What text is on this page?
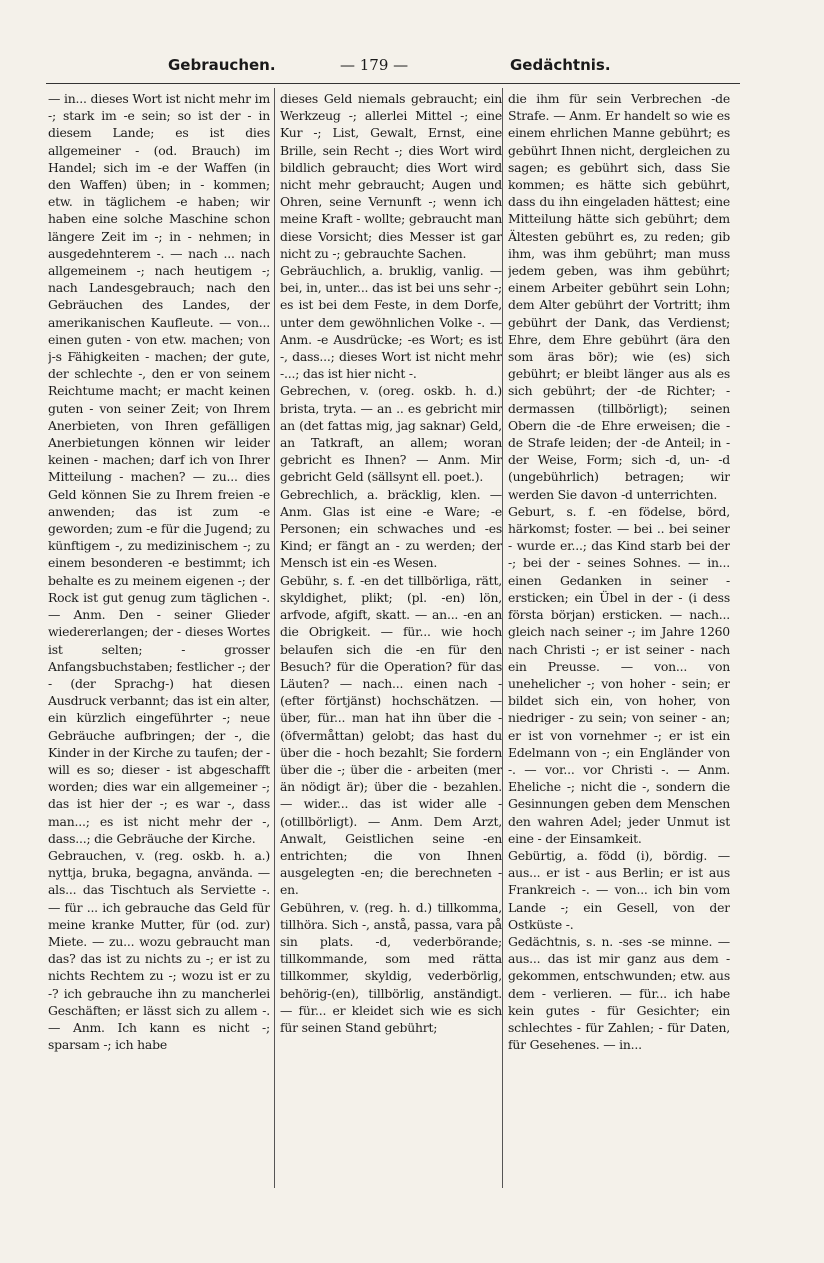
Gebrauchen.	— 179 —	Gedächtnis.

— in... dieses Wort ist nicht mehr im -; stark im -e sein; so ist der - in diesem Lande; es ist dies allgemeiner - (od. Brauch) im Handel; sich im -e der Waffen (in den Waffen) üben; in - kommen; etw. in täglichem -e haben; wir haben eine solche Maschine schon längere Zeit im -; in - nehmen; in ausgedehnterem -. — nach ... nach allgemeinem -; nach heutigem -; nach Landesgebrauch; nach den Gebräuchen des Landes, der amerikanischen Kaufleute. — von... einen guten - von etw. machen; von j-s Fähigkeiten - machen; der gute, der schlechte -, den er von seinem Reichtume macht; er macht keinen guten - von seiner Zeit; von Ihrem Anerbieten, von Ihren gefälligen Anerbietungen können wir leider keinen - machen; darf ich von Ihrer Mitteilung - machen? — zu... dies Geld können Sie zu Ihrem freien -e anwenden; das ist zum -e geworden; zum -e für die Jugend; zu künftigem -, zu medizinischem -; zu einem besonderen -e bestimmt; ich behalte es zu meinem eigenen -; der Rock ist gut genug zum täglichen -. — Anm. Den - seiner Glieder wiedererlangen; der - dieses Wortes ist selten; - grosser Anfangsbuchstaben; festlicher -; der - (der Sprachg-) hat diesen Ausdruck verbannt; das ist ein alter, ein kürzlich eingeführter -; neue Gebräuche aufbringen; der -, die Kinder in der Kirche zu taufen; der - will es so; dieser - ist abgeschafft worden; dies war ein allgemeiner -; das ist hier der -; es war -, dass man...; es ist nicht mehr der -, dass...; die Gebräuche der Kirche.

Gebrauchen, v. (reg. oskb. h. a.) nyttja, bruka, begagna, använda. — als... das Tischtuch als Serviette -. — für ... ich gebrauche das Geld für meine kranke Mutter, für (od. zur) Miete. — zu... wozu gebraucht man das? das ist zu nichts zu -; er ist zu nichts Rechtem zu -; wozu ist er zu -? ich gebrauche ihn zu mancherlei Geschäften; er lässt sich zu allem -. — Anm. Ich kann es nicht -; sparsam -; ich habe

dieses Geld niemals gebraucht; ein Werkzeug -; allerlei Mittel -; eine Kur -; List, Gewalt, Ernst, eine Brille, sein Recht -; dies Wort wird bildlich gebraucht; dies Wort wird nicht mehr gebraucht; Augen und Ohren, seine Vernunft -; wenn ich meine Kraft - wollte; gebraucht man diese Vorsicht; dies Messer ist gar nicht zu -; gebrauchte Sachen.

Gebräuchlich, a. bruklig, vanlig. — bei, in, unter... das ist bei uns sehr -; es ist bei dem Feste, in dem Dorfe, unter dem gewöhnlichen Volke -. — Anm. -e Ausdrücke; -es Wort; es ist -, dass...; dieses Wort ist nicht mehr -...; das ist hier nicht -.

Gebrechen, v. (oreg. oskb. h. d.) brista, tryta. — an .. es gebricht mir an (det fattas mig, jag saknar) Geld, an Tatkraft, an allem; woran gebricht es Ihnen? — Anm. Mir gebricht Geld (sällsynt ell. poet.).

Gebrechlich, a. bräcklig, klen. — Anm. Glas ist eine -e Ware; -e Personen; ein schwaches und -es Kind; er fängt an - zu werden; der Mensch ist ein -es Wesen.

Gebühr, s. f. -en det tillbörliga, rätt, skyldighet, plikt; (pl. -en) lön, arfvode, afgift, skatt. — an... -en an die Obrigkeit. — für... wie hoch belaufen sich die -en für den Besuch? für die Operation? für das Läuten? — nach... einen nach - (efter förtjänst) hochschätzen. — über, für... man hat ihn über die - (öfvermåttan) gelobt; das hast du über die - hoch bezahlt; Sie fordern über die -; über die - arbeiten (mer än nödigt är); über die - bezahlen. — wider... das ist wider alle - (otillbörligt). — Anm. Dem Arzt, Anwalt, Geistlichen seine -en entrichten; die von Ihnen ausgelegten -en; die berechneten -en.

Gebühren, v. (reg. h. d.) tillkomma, tillhöra. Sich -, anstå, passa, vara på sin plats. -d, vederbörande; tillkommande, som med rätta tillkommer, skyldig, vederbörlig, behörig-(en), tillbörlig, anständigt. — für... er kleidet sich wie es sich für seinen Stand gebührt;

die ihm für sein Verbrechen -de Strafe. — Anm. Er handelt so wie es einem ehrlichen Manne gebührt; es gebührt Ihnen nicht, dergleichen zu sagen; es gebührt sich, dass Sie kommen; es hätte sich gebührt, dass du ihn eingeladen hättest; eine Mitteilung hätte sich gebührt; dem Ältesten gebührt es, zu reden; gib ihm, was ihm gebührt; man muss jedem geben, was ihm gebührt; einem Arbeiter gebührt sein Lohn; dem Alter gebührt der Vortritt; ihm gebührt der Dank, das Verdienst; Ehre, dem Ehre gebührt (ära den som äras bör); wie (es) sich gebührt; er bleibt länger aus als es sich gebührt; der -de Richter; -dermassen (tillbörligt); seinen Obern die -de Ehre erweisen; die -de Strafe leiden; der -de Anteil; in -der Weise, Form; sich -d, un- -d (ungebührlich) betragen; wir werden Sie davon -d unterrichten.

Geburt, s. f. -en födelse, börd, härkomst; foster. — bei .. bei seiner - wurde er...; das Kind starb bei der -; bei der - seines Sohnes. — in... einen Gedanken in seiner - ersticken; ein Übel in der - (i dess första början) ersticken. — nach... gleich nach seiner -; im Jahre 1260 nach Christi -; er ist seiner - nach ein Preusse. — von... von unehelicher -; von hoher - sein; er bildet sich ein, von hoher, von niedriger - zu sein; von seiner - an; er ist von vornehmer -; er ist ein Edelmann von -; ein Engländer von -. — vor... vor Christi -. — Anm. Eheliche -; nicht die -, sondern die Gesinnungen geben dem Menschen den wahren Adel; jeder Unmut ist eine - der Einsamkeit.

Gebürtig, a. född (i), bördig. — aus... er ist - aus Berlin; er ist aus Frankreich -. — von... ich bin vom Lande -; ein Gesell, von der Ostküste -.

Gedächtnis, s. n. -ses -se minne. — aus... das ist mir ganz aus dem - gekommen, entschwunden; etw. aus dem - verlieren. — für... ich habe kein gutes - für Gesichter; ein schlechtes - für Zahlen; - für Daten, für Gesehenes. — in...
